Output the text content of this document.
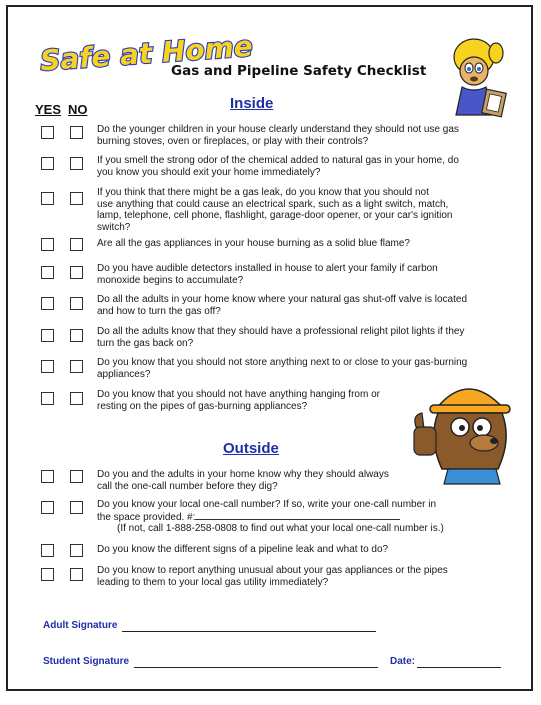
Safe at Home
Gas and Pipeline Safety Checklist
YES NO	Inside
Do the younger children in your house clearly understand they should not use gas
burning stoves, oven or fireplaces, or play with their controls?
If you smell the strong odor of the chemical added to natural gas in your home, do
you know you should exit your home immediately?
If you think that there might be a gas leak, do you know that you should not
use anything that could cause an electrical spark, such as a light switch, match,
lamp, telephone, cell phone, flashlight, garage-door opener, or your car's ignition
switch?
Are all the gas appliances in your house burning as a solid blue flame?
Do you have audible detectors installed in house to alert your family if carbon
monoxide begins to accumulate?
Do all the adults in your home know where your natural gas shut-off valve is located
and how to turn the gas off?
Do all the adults know that they should have a professional relight pilot lights if they
turn the gas back on?
Do you know that you should not store anything next to or close to your gas-burning
appliances?
Do you know that you should not have anything hanging from or
resting on the pipes of gas-burning appliances?
Outside
Do you and the adults in your home know why they should always
call the one-call number before they dig?
Do you know your local one-call number? If so, write your one-call number in
the space provided. #:
(If not, call 1-888-258-0808 to find out what your local one-call number is.)
Do you know the different signs of a pipeline leak and what to do?
Do you know to report anything unusual about your gas appliances or the pipes
leading to them to your local gas utility immediately?
Adult Signature
Student Signature	Date:
